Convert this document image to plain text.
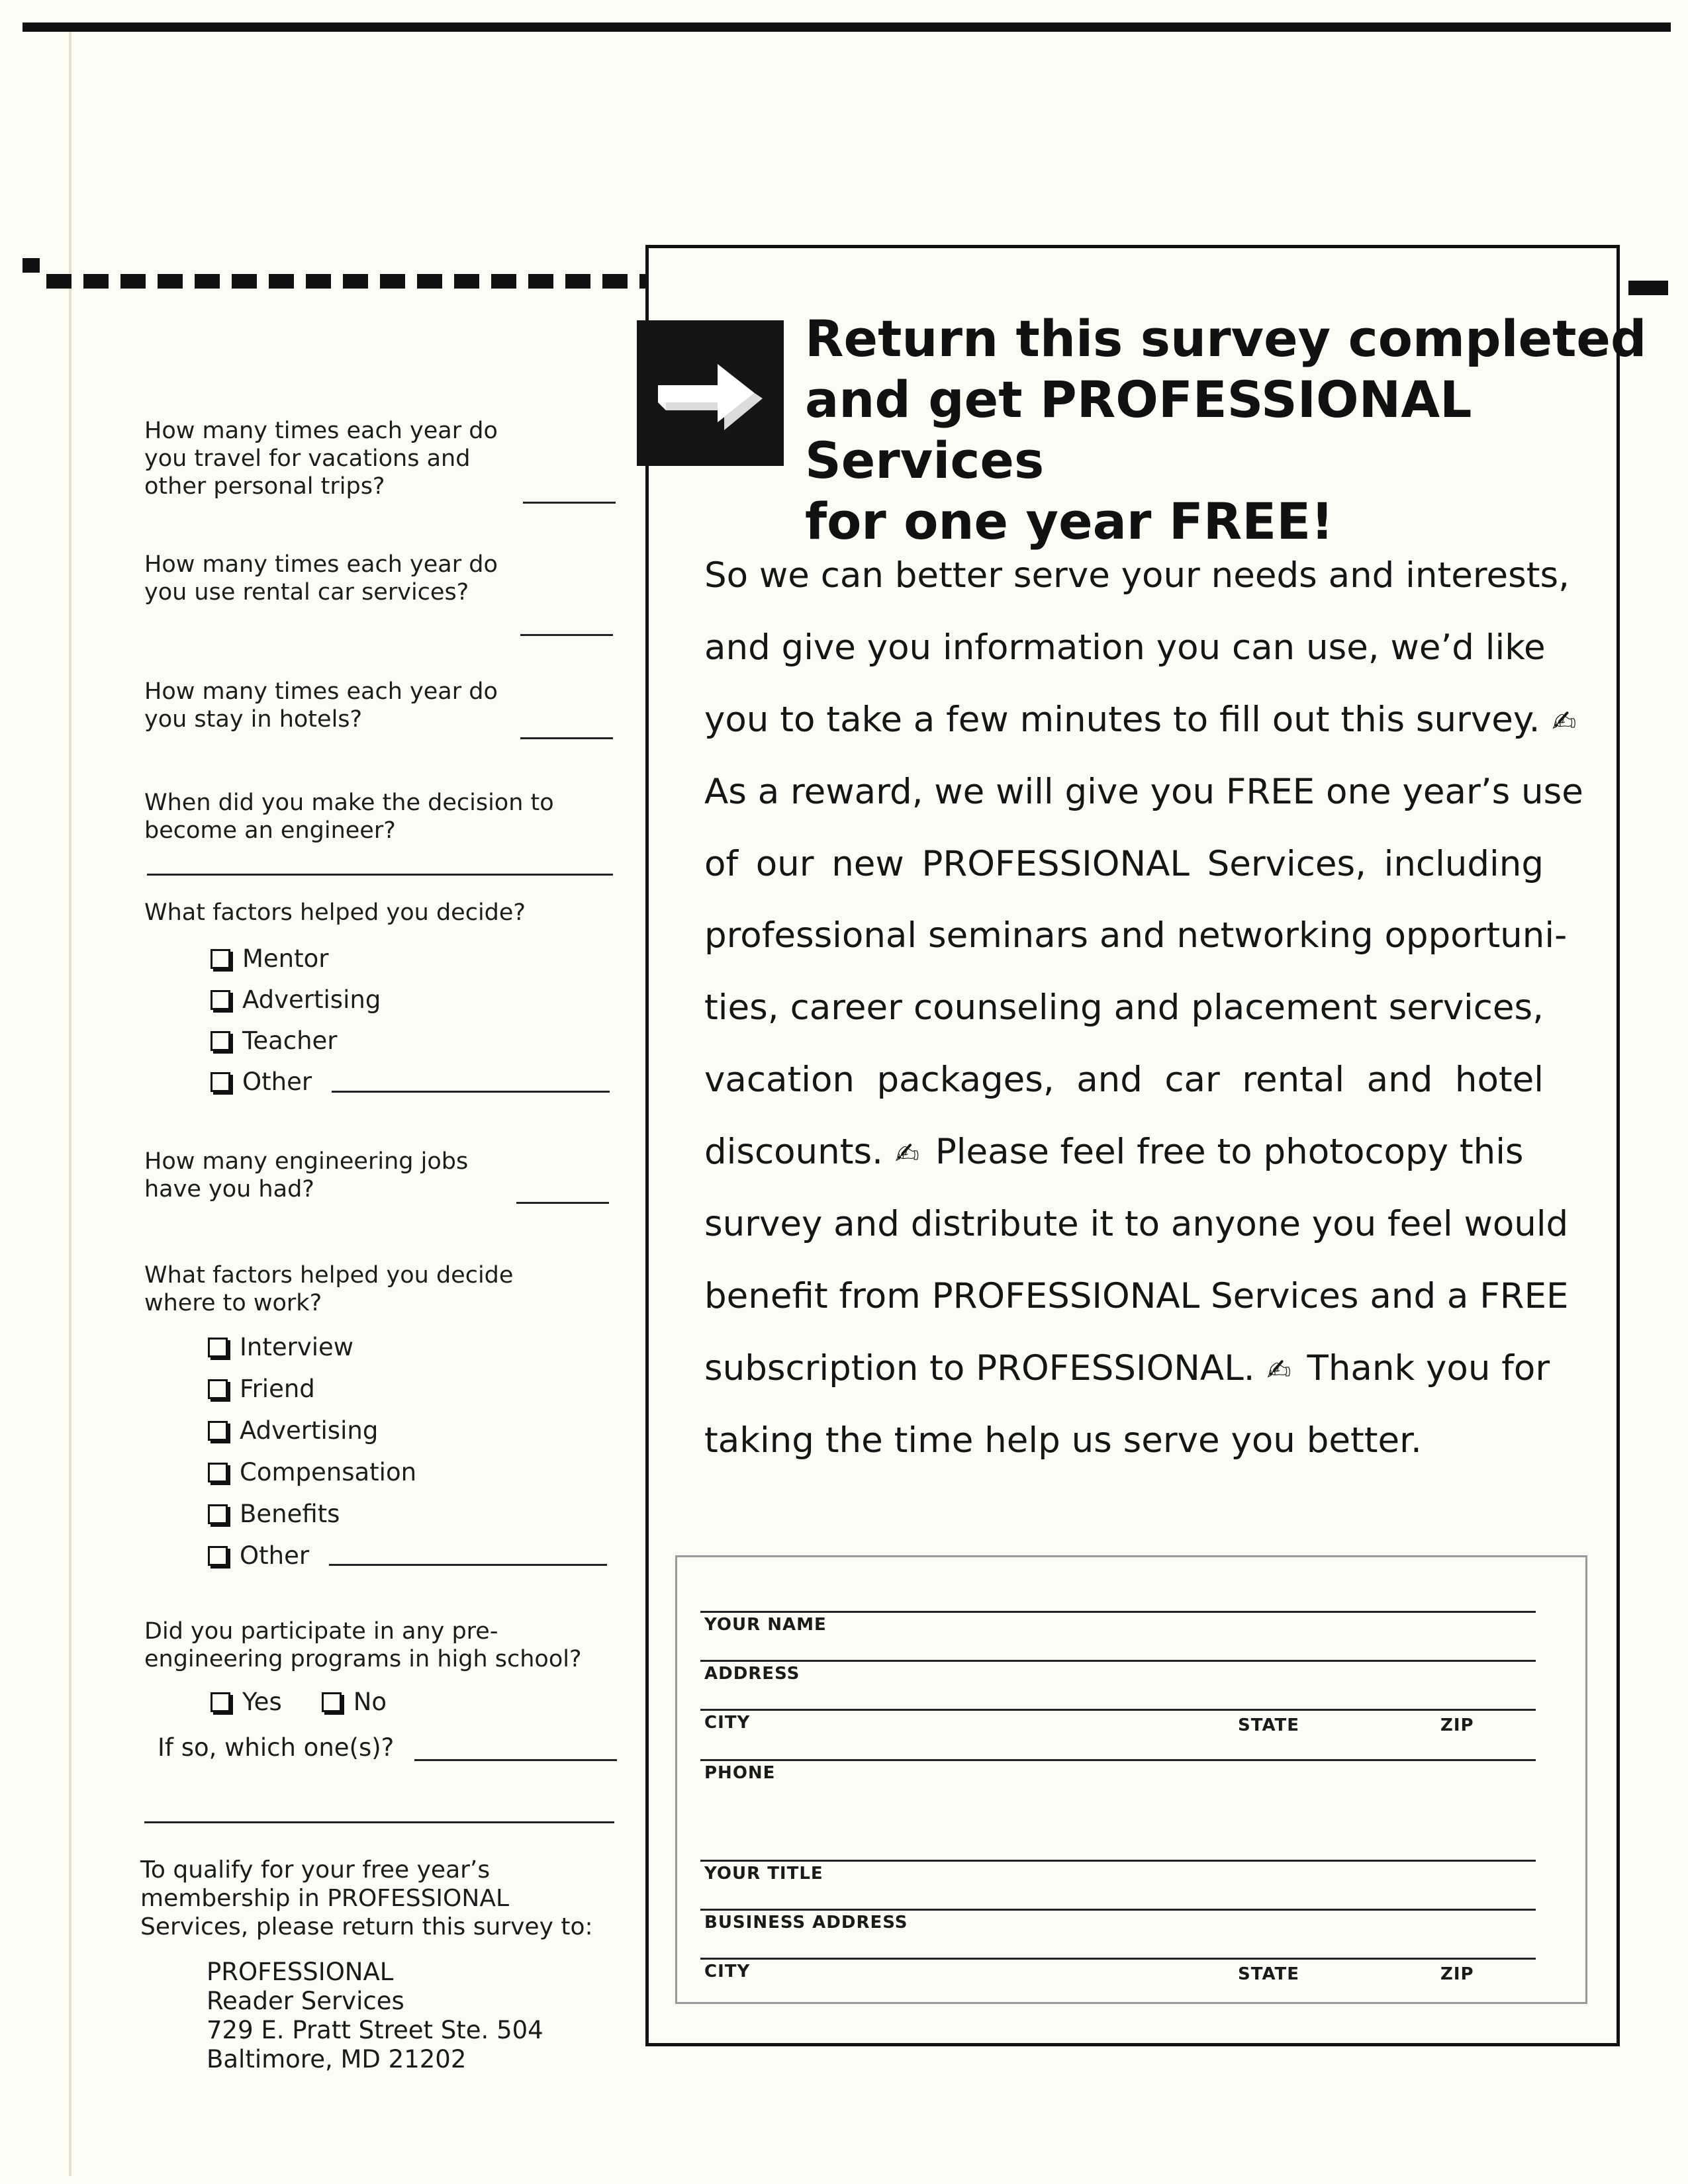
How many times each year do
you travel for vacations and
other personal trips?
How many times each year do
you use rental car services?
How many times each year do
you stay in hotels?
When did you make the decision to
become an engineer?
What factors helped you decide?
Mentor
Advertising
Teacher
Other
How many engineering jobs
have you had?
What factors helped you decide
where to work?
Interview
Friend
Advertising
Compensation
Benefits
Other
Did you participate in any pre-
engineering programs in high school?
Yes	No
If so, which one(s)?
To qualify for your free year’s
membership in PROFESSIONAL
Services, please return this survey to:
PROFESSIONAL
Reader Services
729 E. Pratt Street Ste. 504
Baltimore, MD 21202
Return this survey completed
and get PROFESSIONAL Services
for one year FREE!

So we can better serve your needs and interests,

and give you information you can use, we’d like

you to take a few minutes to fill out this survey. ✍

As a reward, we will give you FREE one year’s use

of our new PROFESSIONAL Services, including

professional seminars and networking opportuni-

ties, career counseling and placement services,

vacation packages, and car rental and hotel

discounts. ✍ Please feel free to photocopy this

survey and distribute it to anyone you feel would

benefit from PROFESSIONAL Services and a FREE

subscription to PROFESSIONAL. ✍ Thank you for

taking the time help us serve you better.

YOUR NAME
ADDRESS
CITY	STATE	ZIP
PHONE
YOUR TITLE
BUSINESS ADDRESS
CITY	STATE	ZIP
